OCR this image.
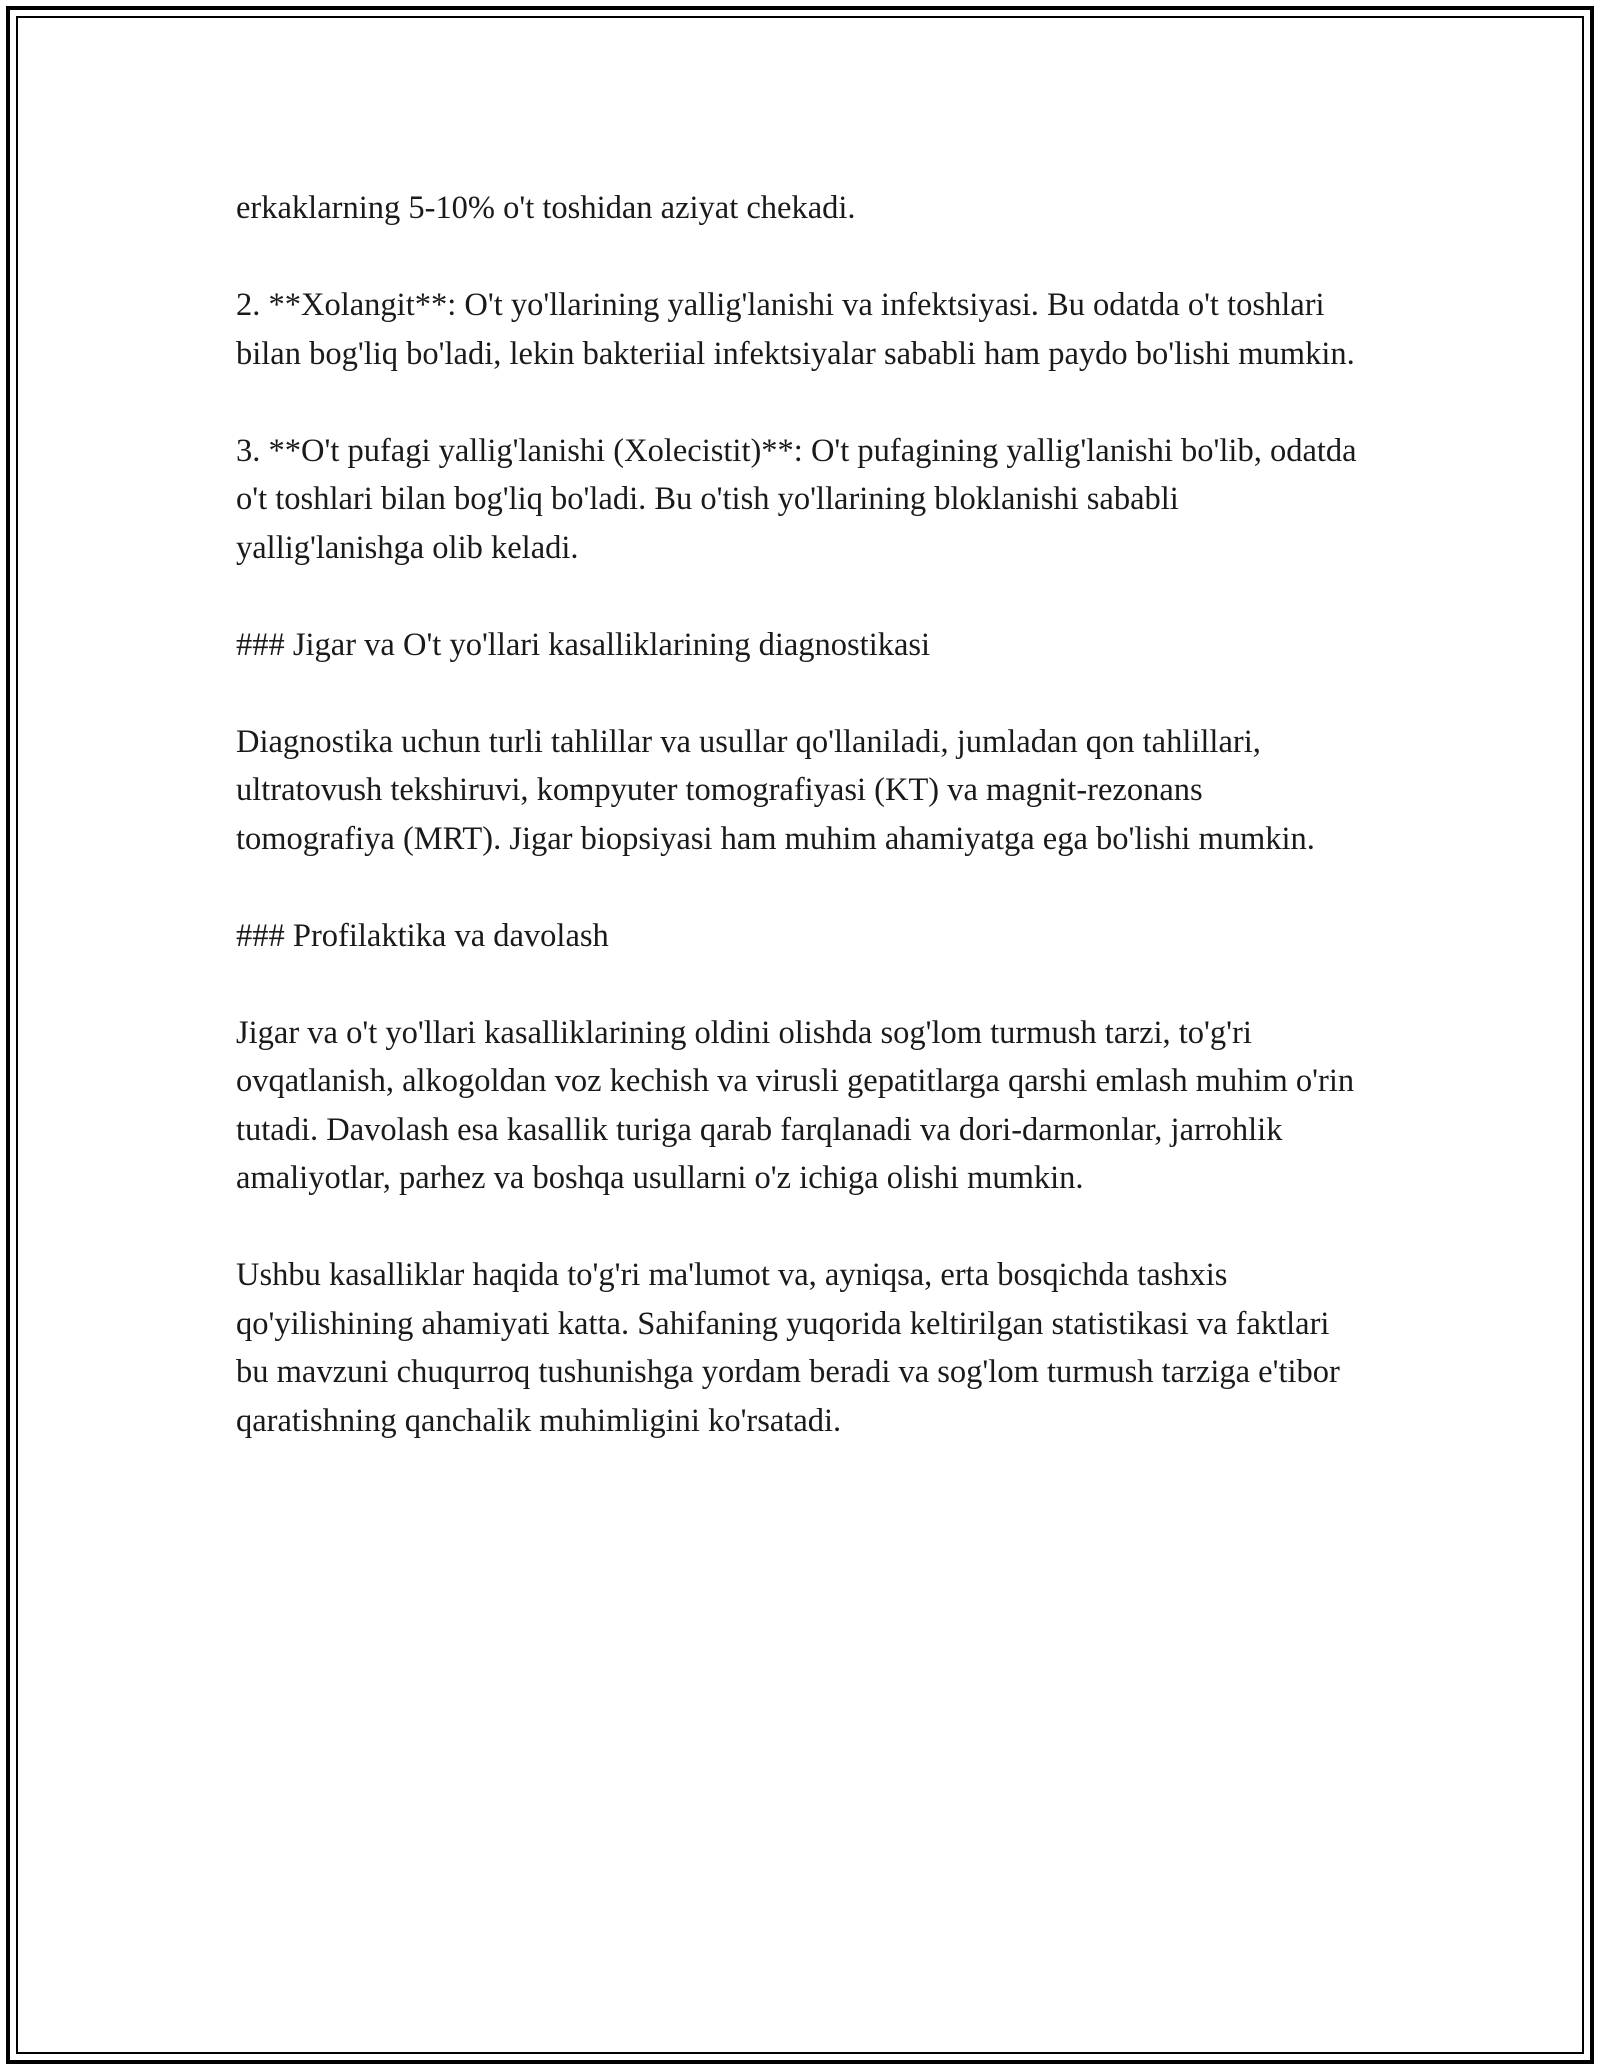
erkaklarning 5-10% o't toshidan aziyat chekadi.

2. **Xolangit**: O't yo'llarining yallig'lanishi va infektsiyasi. Bu odatda o't toshlari bilan bog'liq bo'ladi, lekin bakteriial infektsiyalar sababli ham paydo bo'lishi mumkin.

3. **O't pufagi yallig'lanishi (Xolecistit)**: O't pufagining yallig'lanishi bo'lib, odatda o't toshlari bilan bog'liq bo'ladi. Bu o'tish yo'llarining bloklanishi sababli yallig'lanishga olib keladi.

### Jigar va O't yo'llari kasalliklarining diagnostikasi

Diagnostika uchun turli tahlillar va usullar qo'llaniladi, jumladan qon tahlillari, ultratovush tekshiruvi, kompyuter tomografiyasi (KT) va magnit-rezonans tomografiya (MRT). Jigar biopsiyasi ham muhim ahamiyatga ega bo'lishi mumkin.

### Profilaktika va davolash

Jigar va o't yo'llari kasalliklarining oldini olishda sog'lom turmush tarzi, to'g'ri ovqatlanish, alkogoldan voz kechish va virusli gepatitlarga qarshi emlash muhim o'rin tutadi. Davolash esa kasallik turiga qarab farqlanadi va dori-darmonlar, jarrohlik amaliyotlar, parhez va boshqa usullarni o'z ichiga olishi mumkin.

Ushbu kasalliklar haqida to'g'ri ma'lumot va, ayniqsa, erta bosqichda tashxis qo'yilishining ahamiyati katta. Sahifaning yuqorida keltirilgan statistikasi va faktlari bu mavzuni chuqurroq tushunishga yordam beradi va sog'lom turmush tarziga e'tibor qaratishning qanchalik muhimligini ko'rsatadi.
